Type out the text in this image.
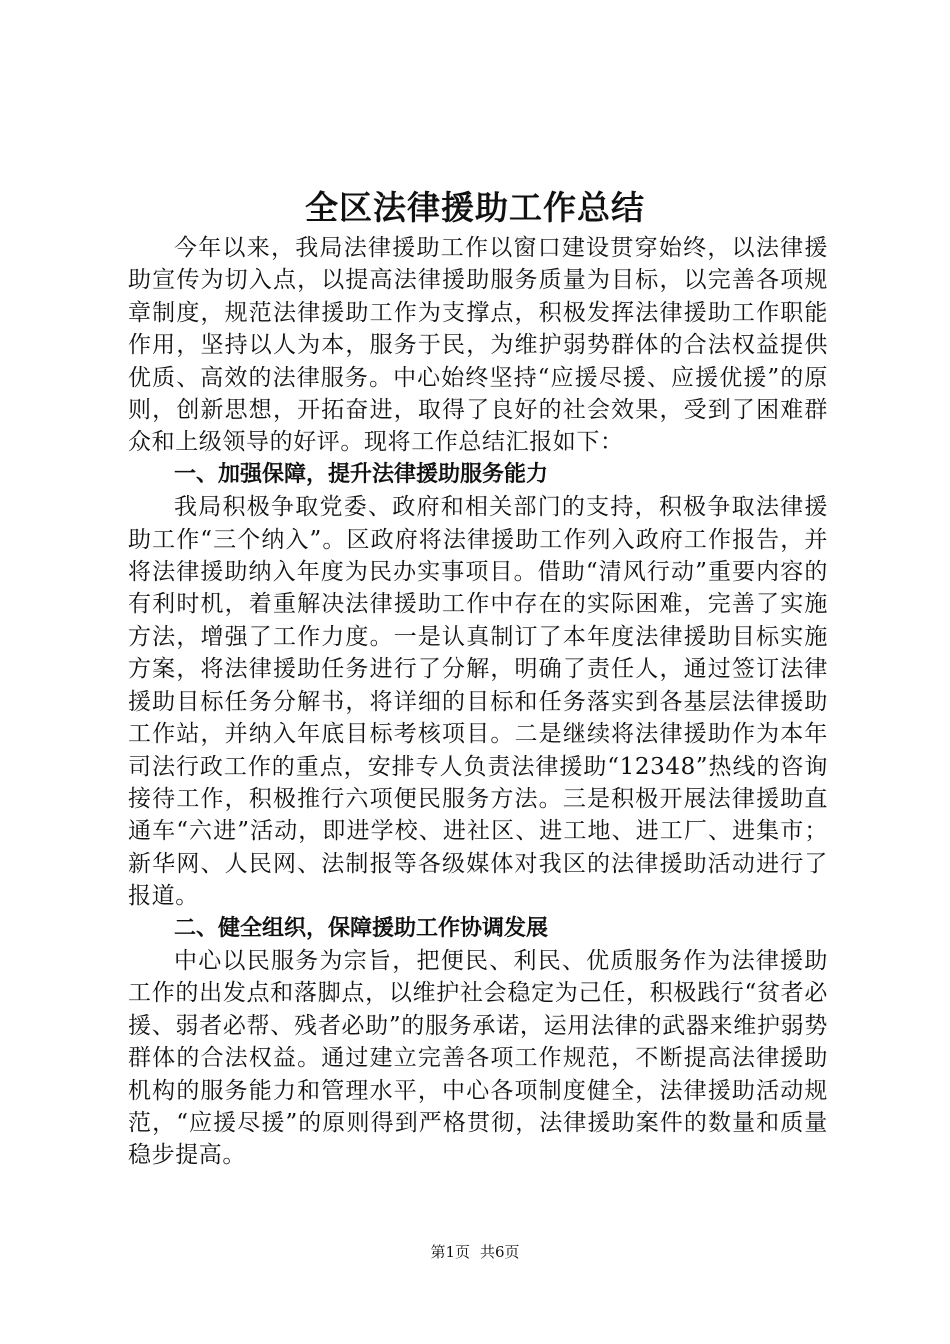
全区法律援助工作总结

今年以来，我局法律援助工作以窗口建设贯穿始终，以法律援助宣传为切入点，以提高法律援助服务质量为目标，以完善各项规章制度，规范法律援助工作为支撑点，积极发挥法律援助工作职能作用，坚持以人为本，服务于民，为维护弱势群体的合法权益提供优质、高效的法律服务。中心始终坚持“应援尽援、应援优援”的原则，创新思想，开拓奋进，取得了良好的社会效果，受到了困难群众和上级领导的好评。现将工作总结汇报如下：

一、加强保障，提升法律援助服务能力

我局积极争取党委、政府和相关部门的支持，积极争取法律援助工作“三个纳入”。区政府将法律援助工作列入政府工作报告，并将法律援助纳入年度为民办实事项目。借助“清风行动”重要内容的有利时机，着重解决法律援助工作中存在的实际困难，完善了实施方法，增强了工作力度。一是认真制订了本年度法律援助目标实施方案，将法律援助任务进行了分解，明确了责任人，通过签订法律援助目标任务分解书，将详细的目标和任务落实到各基层法律援助工作站，并纳入年底目标考核项目。二是继续将法律援助作为本年司法行政工作的重点，安排专人负责法律援助“12348”热线的咨询接待工作，积极推行六项便民服务方法。三是积极开展法律援助直通车“六进”活动，即进学校、进社区、进工地、进工厂、进集市；新华网、人民网、法制报等各级媒体对我区的法律援助活动进行了报道。

二、健全组织，保障援助工作协调发展

中心以民服务为宗旨，把便民、利民、优质服务作为法律援助工作的出发点和落脚点，以维护社会稳定为己任，积极践行“贫者必援、弱者必帮、残者必助”的服务承诺，运用法律的武器来维护弱势群体的合法权益。通过建立完善各项工作规范，不断提高法律援助机构的服务能力和管理水平，中心各项制度健全，法律援助活动规范，“应援尽援”的原则得到严格贯彻，法律援助案件的数量和质量稳步提高。

第1页 共6页
